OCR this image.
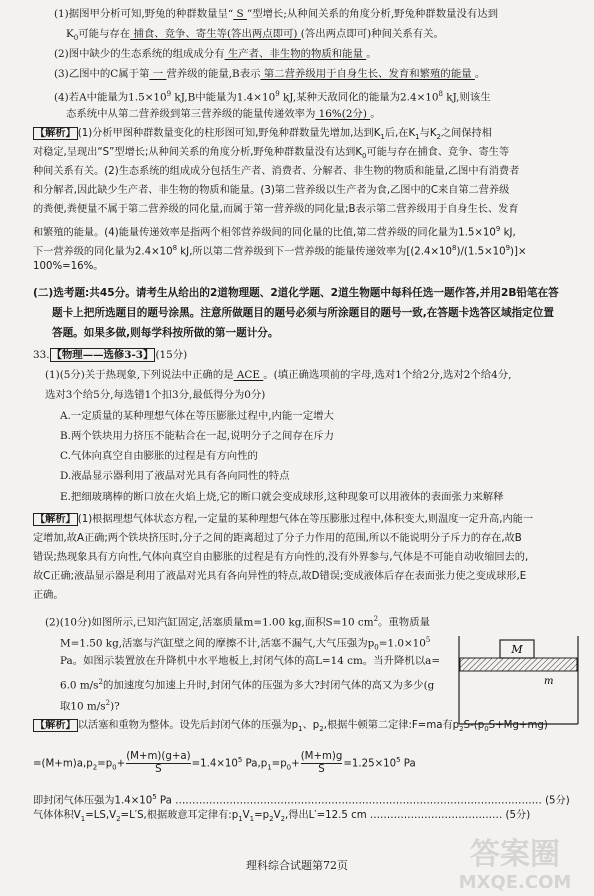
(1)据图甲分析可知,野兔的种群数量呈“ S ”型增长;从种间关系的角度分析,野兔种群数量没有达到
$K_0$可能与存在 捕食、竞争、寄生等(答出两点即可) (答出两点即可)种间关系有关。
(2)图中缺少的生态系统的组成成分有 生产者、非生物的物质和能量 。
(3)乙图中的C属于第 一 营养级的能量,B表示 第二营养级用于自身生长、发育和繁殖的能量 。
(4)若A中能量为$1.5\times 10^9$ kJ,B中能量为$1.4\times 10^9$ kJ,某种天敌同化的能量为$2.4\times 10^8$ kJ,则该生
态系统中从第二营养级到第三营养级的能量传递效率为 16%(2分) 。
【解析】 (1)分析甲图种群数量变化的柱形图可知,野兔种群数量先增加,达到$K_1$后,在$K_1$与$K_2$之间保持相
对稳定,呈现出“S”型增长;从种间关系的角度分析,野兔种群数量没有达到$K_0$可能与存在捕食、竞争、寄生等
种间关系有关。(2)生态系统的组成成分包括生产者、消费者、分解者、非生物的物质和能量,乙图中有消费者
和分解者,因此缺少生产者、非生物的物质和能量。(3)第二营养级以生产者为食,乙图中的C来自第二营养级
的粪便,粪便量不属于第二营养级的同化量,而属于第一营养级的同化量;B表示第二营养级用于自身生长、发育
和繁殖的能量。(4)能量传递效率是指两个相邻营养级间的同化量的比值,第二营养级的同化量为$1.5\times 10^9$ kJ,
下一营养级的同化量为$2.4\times 10^8$ kJ,所以第二营养级到下一营养级的能量传递效率为$[(2.4\times 10^8)/(1.5\times 10^9)]\times$
100%=16%。
(二)选考题:共45分。请考生从给出的2道物理题、2道化学题、2道生物题中每科任选一题作答,并用2B铅笔在答
题卡上把所选题目的题号涂黑。注意所做题目的题号必须与所涂题目的题号一致,在答题卡选答区域指定位置
答题。如果多做,则每学科按所做的第一题计分。
33. 【物理——选修3-3】 (15分)
(1)(5分)关于热现象,下列说法中正确的是 ACE 。(填正确选项前的字母,选对1个给2分,选对2个给4分,
选对3个给5分,每选错1个扣3分,最低得分为0分)
A.一定质量的某种理想气体在等压膨胀过程中,内能一定增大
B.两个铁块用力挤压不能粘合在一起,说明分子之间存在斥力
C.气体向真空自由膨胀的过程是有方向性的
D.液晶显示器利用了液晶对光具有各向同性的特点
E.把细玻璃棒的断口放在火焰上烧,它的断口就会变成球形,这种现象可以用液体的表面张力来解释
【解析】 (1)根据理想气体状态方程,一定量的某种理想气体在等压膨胀过程中,体积变大,则温度一定升高,内能一
定增加,故A正确;两个铁块挤压时,分子之间的距离超过了分子力作用的范围,所以不能说明分子斥力的存在,故B
错误;热现象具有方向性,气体向真空自由膨胀的过程是有方向性的,没有外界参与,气体是不可能自动收缩回去的,
故C正确;液晶显示器是利用了液晶对光具有各向异性的特点,故D错误;变成液体后存在表面张力使之变成球形,E
正确。
(2)(10分)如图所示,已知汽缸固定,活塞质量m=1.00 kg,面积S=10 $cm^2$。重物质量
M=1.50 kg,活塞与汽缸壁之间的摩擦不计,活塞不漏气,大气压强为$p_0=1.0\times 10^5$
Pa。如图示装置放在升降机中水平地板上,封闭气体的高L=14 cm。当升降机以a=
6.0 $m/s^2$的加速度匀加速上升时,封闭气体的压强为多大?封闭气体的高又为多少(g
取10 $m/s^2$)?
【解析】 以活塞和重物为整体。设先后封闭气体的压强为$p_1$、$p_2$,根据牛顿第二定律:F=ma有$p_2S-(p_0S+Mg+mg)$
$=(M+m)a,p_2=p_0+ \frac{(M+m)(g+a)}{S} =1.4\times 10^5$ $Pa,p_1=p_0+ \frac{(M+m)g}{S} =1.25\times 10^5$ Pa
即封闭气体压强为$1.4\times 10^5$ Pa ……………………………………………………………………………………………… (5分)
气体体积$V_1=LS,V_2=L'S$,根据玻意耳定律有$:p_1V_1=p_2V_2$,得出L′=12.5 cm ………………………………… (5分)
M
m
理科综合试题第72页	答案圈
MXQE.COM
